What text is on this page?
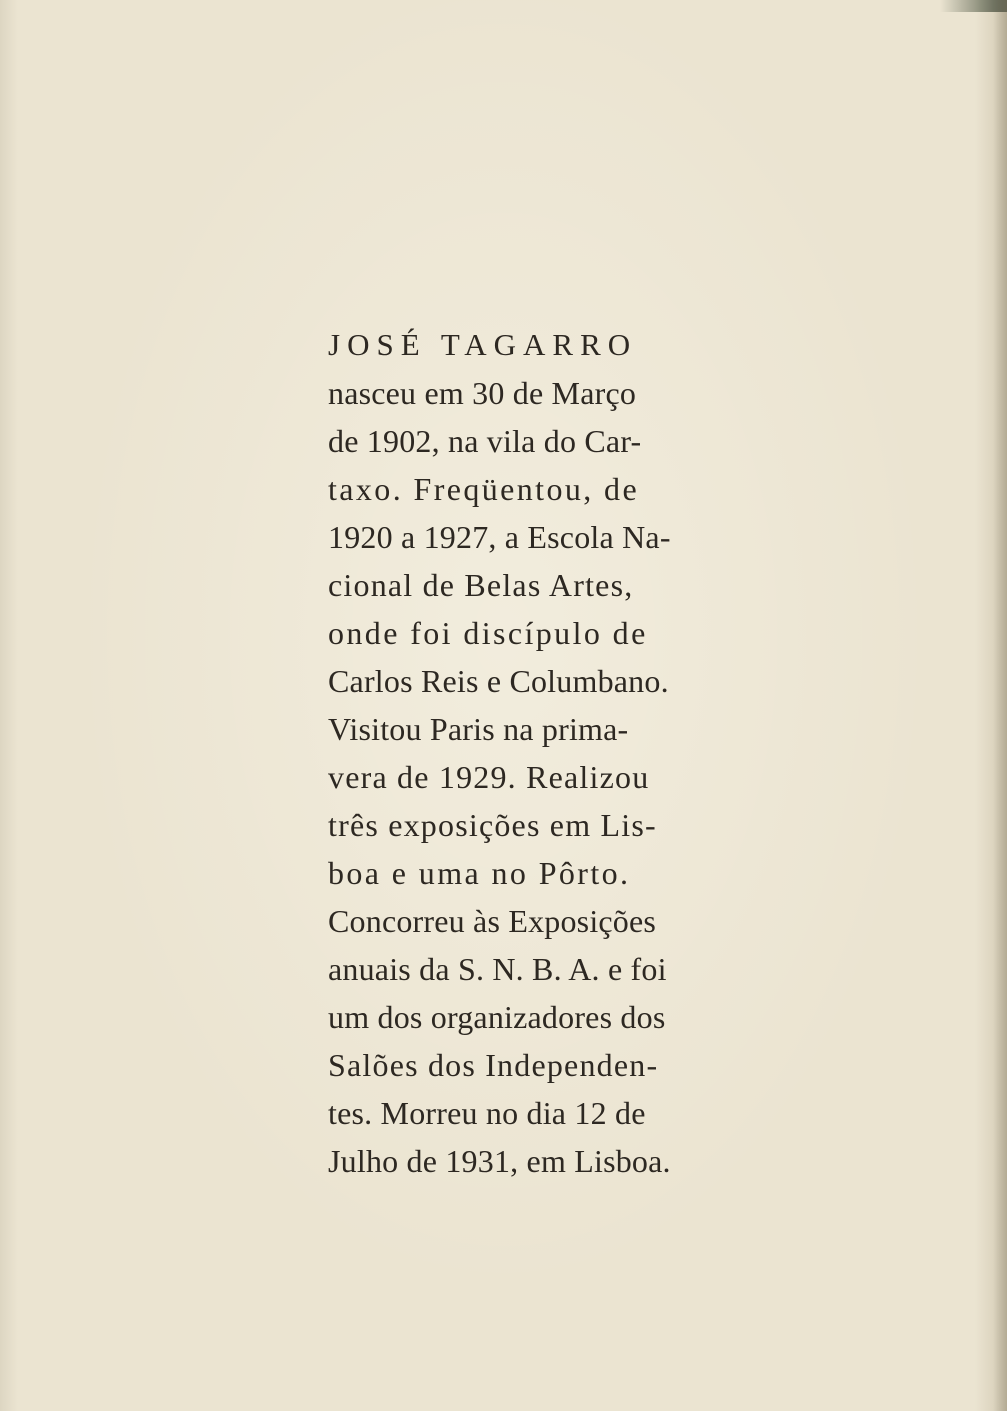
JOSÉ TAGARRO
nasceu em 30 de Março
de 1902, na vila do Car-
taxo. Freqüentou, de
1920 a 1927, a Escola Na-
cional de Belas Artes,
onde foi discípulo de
Carlos Reis e Columbano.
Visitou Paris na prima-
vera de 1929. Realizou
três exposições em Lis-
boa e uma no Pôrto.
Concorreu às Exposições
anuais da S. N. B. A. e foi
um dos organizadores dos
Salões dos Independen-
tes. Morreu no dia 12 de
Julho de 1931, em Lisboa.
